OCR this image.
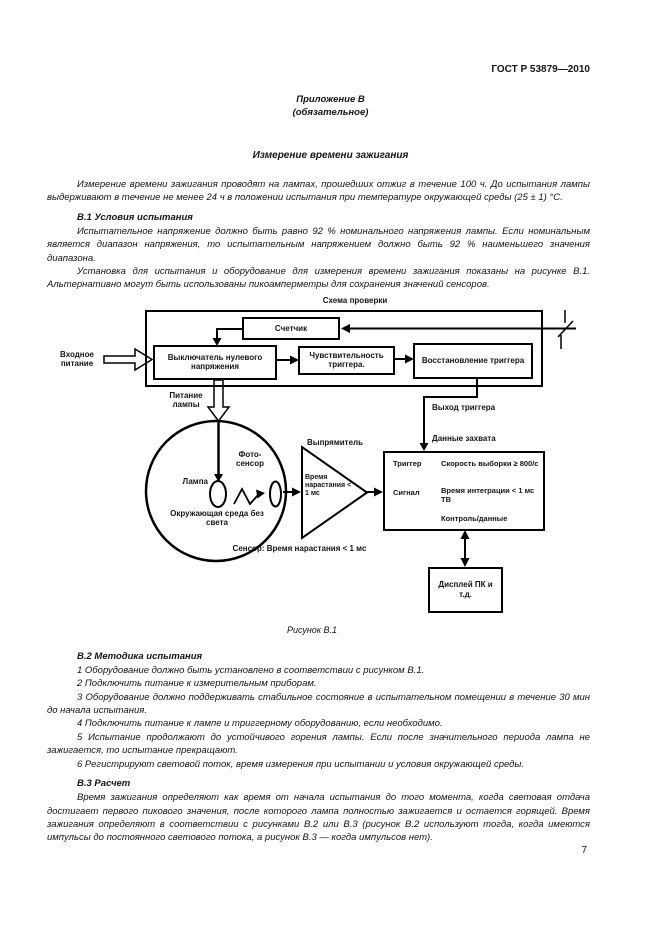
ГОСТ Р 53879—2010
Приложение В
(обязательное)
Измерение времени зажигания
Измерение времени зажигания проводят на лампах, прошедших отжиг в течение 100 ч. До испытания лампы выдерживают в течение не менее 24 ч в положении испытания при температуре окружающей среды (25 ± 1) °С.
В.1 Условия испытания
Испытательное напряжение должно быть равно 92 % номинального напряжения лампы. Если номинальным является диапазон напряжения, то испытательным напряжением должно быть 92 % наименьшего значения диапазона.
Установка для испытания и оборудование для измерения времени зажигания показаны на рисунке В.1. Альтернативно могут быть использованы пикоамперметры для сохранения значений сенсоров.
Схема проверки
Счетчик
Выключатель нулевого напряжения
Чувствительность триггера.	Восстановление триггера
Входное питание
Питание лампы
Лампа
Фото-сенсор
Окружающая среда без света
Выпрямитель
Время нарастания < 1 мс
Сенсор: Время нарастания < 1 мс
Выход триггера
Данные захвата
Триггер	Скорость выборки ≥ 800/с
Сигнал	Время интеграции < 1 мс ТВ
Контроль/данные
Дисплей ПК и т.д.
Рисунок В.1
В.2 Методика испытания
1 Оборудование должно быть установлено в соответствии с рисунком В.1.
2 Подключить питание к измерительным приборам.
3 Оборудование должно поддерживать стабильное состояние в испытательном помещении в течение 30 мин до начала испытания.
4 Подключить питание к лампе и триггерному оборудованию, если необходимо.
5 Испытание продолжают до устойчивого горения лампы. Если после значительного периода лампа не зажигается, то испытание прекращают.
6 Регистрируют световой поток, время измерения при испытании и условия окружающей среды.
В.3 Расчет
Время зажигания определяют как время от начала испытания до того момента, когда световая отдача достигает первого пикового значения, после которого лампа полностью зажигается и остается горящей. Время зажигания определяют в соответствии с рисунками В.2 или В.3 (рисунок В.2 используют тогда, когда имеются импульсы до постоянного светового потока, а рисунок В.3 — когда импульсов нет).
7
